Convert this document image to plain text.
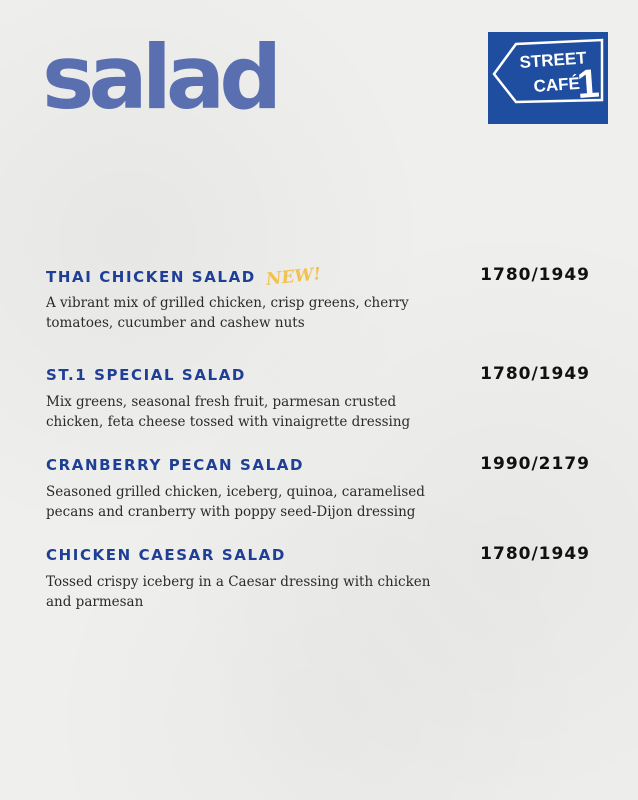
salad	STREET
CAFÉ
1
THAI CHICKEN SALAD NEW!	1780/1949
A vibrant mix of grilled chicken, crisp greens, cherry tomatoes, cucumber and cashew nuts
ST.1 SPECIAL SALAD	1780/1949
Mix greens, seasonal fresh fruit, parmesan crusted chicken, feta cheese tossed with vinaigrette dressing
CRANBERRY PECAN SALAD	1990/2179
Seasoned grilled chicken, iceberg, quinoa, caramelised pecans and cranberry with poppy seed-Dijon dressing
CHICKEN CAESAR SALAD	1780/1949
Tossed crispy iceberg in a Caesar dressing with chicken and parmesan
